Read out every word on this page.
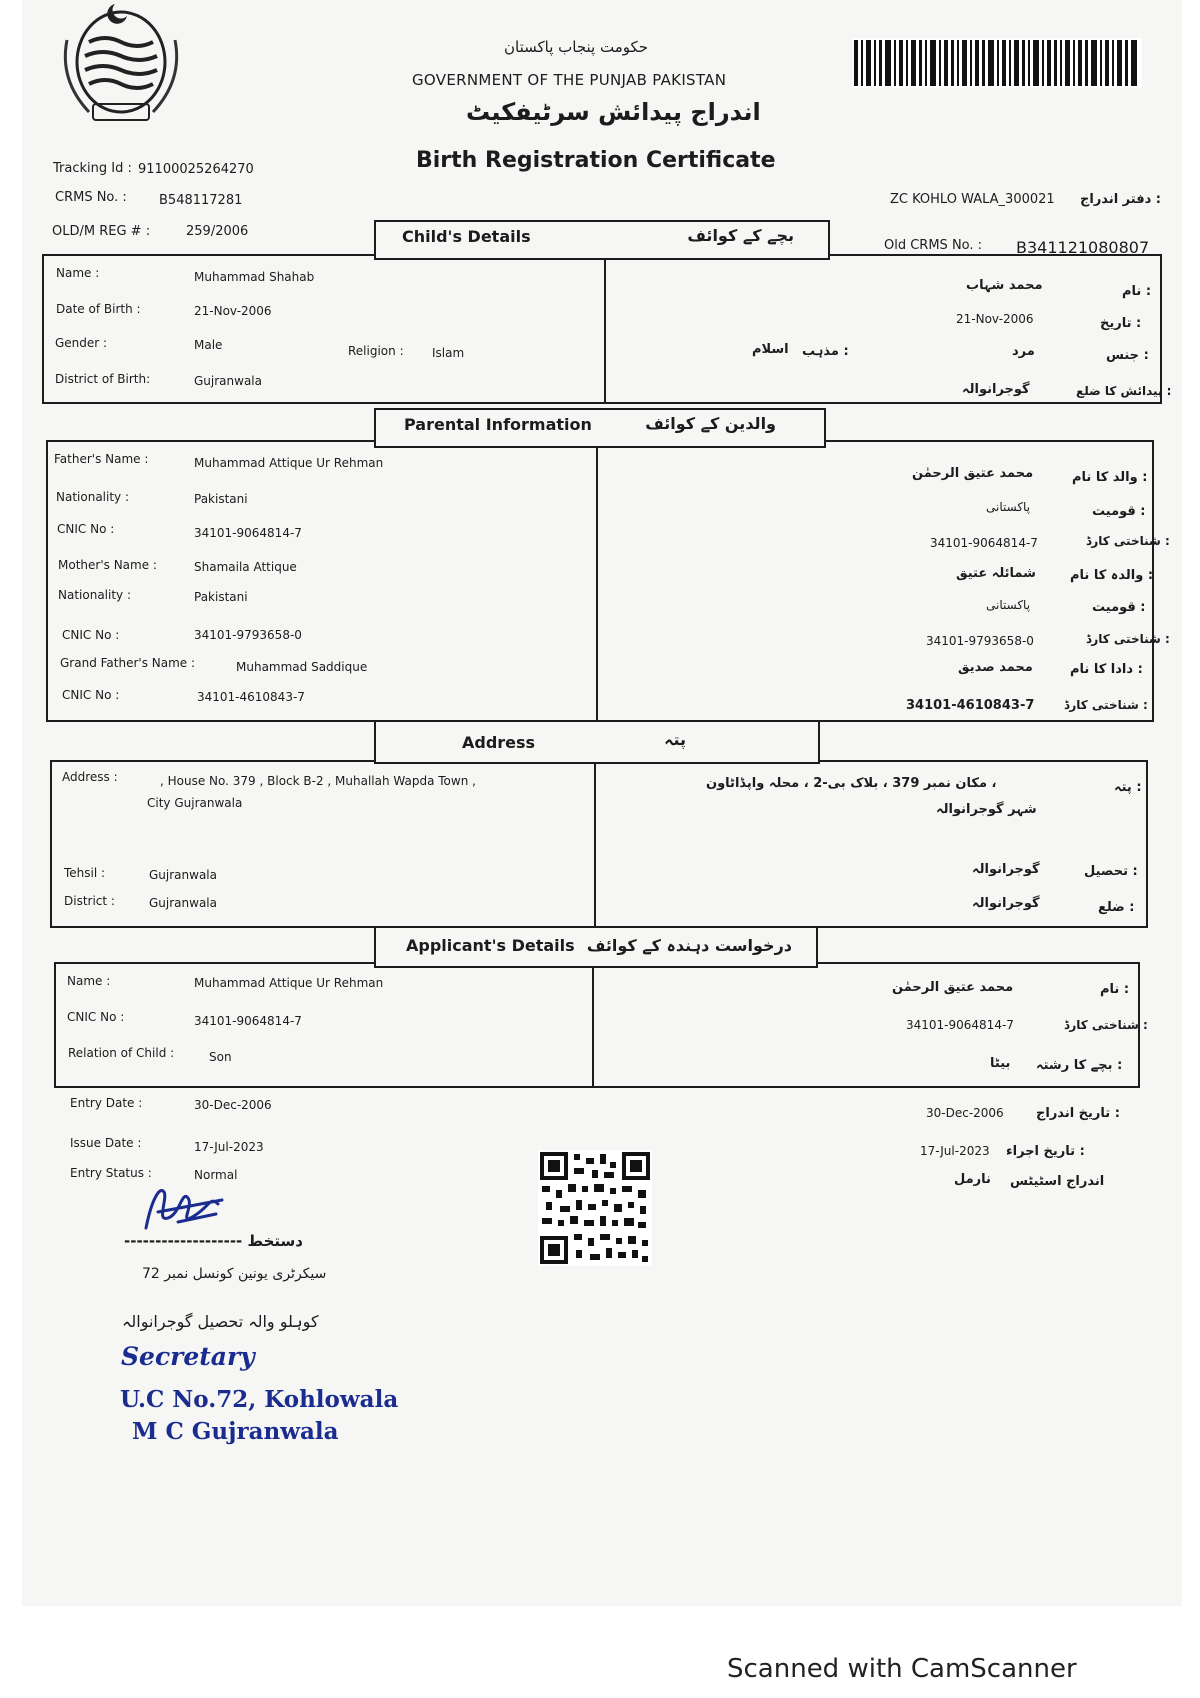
حکومت پنجاب پاکستان
GOVERNMENT OF THE PUNJAB PAKISTAN
اندراج پیدائش سرٹیفکیٹ
Birth Registration Certificate
Tracking Id : 91100025264270
CRMS No. : B548117281
OLD/M REG # :	259/2006
ZC KOHLO WALA_300021 دفتر اندراج :
Old CRMS No. : B341121080807
Child's Details	بچے کے کوائف
Name :	Muhammad Shahab
Date of Birth :	21-Nov-2006
Gender :	Male	Religion : Islam
District of Birth:	Gujranwala
نام :
محمد شہاب
تاریخ :
21-Nov-2006
جنس :
مرد
مذہب :
اسلام
پیدائش کا ضلع :
گوجرانوالہ
Parental Information	والدین کے کوائف
Father's Name :	Muhammad Attique Ur Rehman
Nationality :	Pakistani
CNIC No :	34101-9064814-7
Mother's Name :	Shamaila Attique
Nationality :	Pakistani
CNIC No :	34101-9793658-0
Grand Father's Name :	Muhammad Saddique
CNIC No :	34101-4610843-7
والد کا نام :
محمد عتیق الرحمٰن
قومیت :
پاکستانی
شناختی کارڈ :
34101-9064814-7
والدہ کا نام :
شمائلہ عتیق
قومیت :
پاکستانی
شناختی کارڈ :
34101-9793658-0
دادا کا نام :
محمد صدیق
شناختی کارڈ :
34101-4610843-7
Address	پتہ
Address :	, House No. 379 , Block B-2 , Muhallah Wapda Town ,
City Gujranwala
Tehsil :	Gujranwala
District :	Gujranwala
پتہ :
مکان نمبر 379 ، بلاک بی-2 ، محلہ واپڈاٹاون ،
شہر گوجرانوالہ
تحصیل :
گوجرانوالہ
ضلع :
گوجرانوالہ
Applicant's Details درخواست دہندہ کے کوائف
Name :	Muhammad Attique Ur Rehman
CNIC No :	34101-9064814-7
Relation of Child :	Son
نام :
محمد عتیق الرحمٰن
شناختی کارڈ :
34101-9064814-7
بچے کا رشتہ :
بیٹا
Entry Date :	30-Dec-2006
Issue Date :	17-Jul-2023
Entry Status :	Normal
تاریخ اندراج :
30-Dec-2006
تاریخ اجراء :
17-Jul-2023
اندراج اسٹیٹس
نارمل
------------------- دستخط
سیکرٹری یونین کونسل نمبر 72
کوہلو والہ تحصیل گوجرانوالہ
Secretary
U.C No.72, Kohlowala
M C Gujranwala
Scanned with CamScanner
